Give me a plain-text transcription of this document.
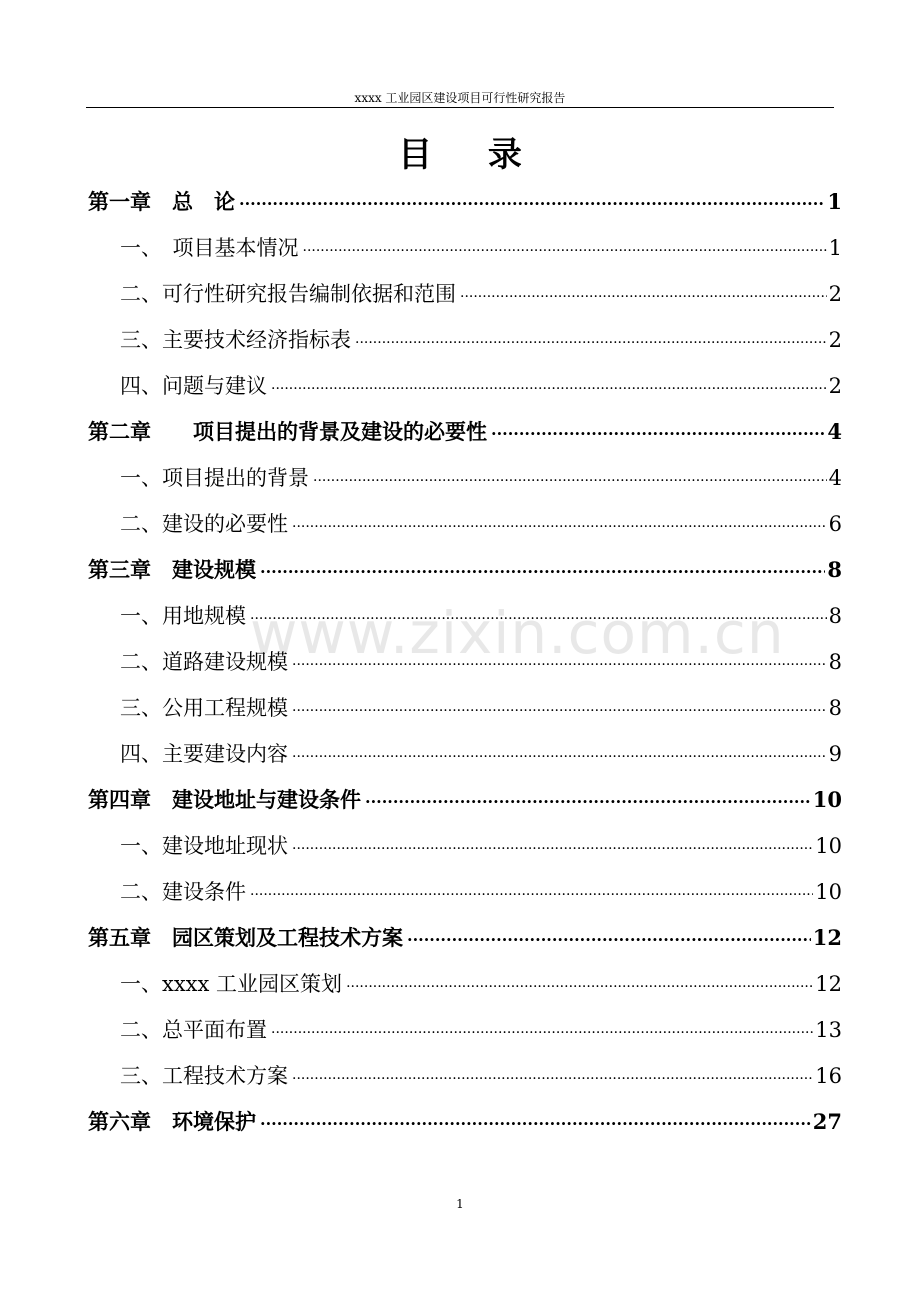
xxxx 工业园区建设项目可行性研究报告
目 录
www.zixin.com.cn
第一章　总　论 ·····	1
一、　项目基本情况 ·····	1
二、可行性研究报告编制依据和范围 ·····	2
三、主要技术经济指标表 ·····	2
四、问题与建议 ·····	2
第二章　　项目提出的背景及建设的必要性 ·····	4
一、项目提出的背景 ·····	4
二、建设的必要性 ·····	6
第三章　建设规模 ·····	8
一、用地规模 ·····	8
二、道路建设规模 ·····	8
三、公用工程规模 ·····	8
四、主要建设内容 ·····	9
第四章　建设地址与建设条件 ·····	10
一、建设地址现状 ·····	10
二、建设条件 ·····	10
第五章　园区策划及工程技术方案 ·····	12
一、xxxx 工业园区策划 ·····	12
二、总平面布置 ·····	13
三、工程技术方案 ·····	16
第六章　环境保护 ·····	27
1
